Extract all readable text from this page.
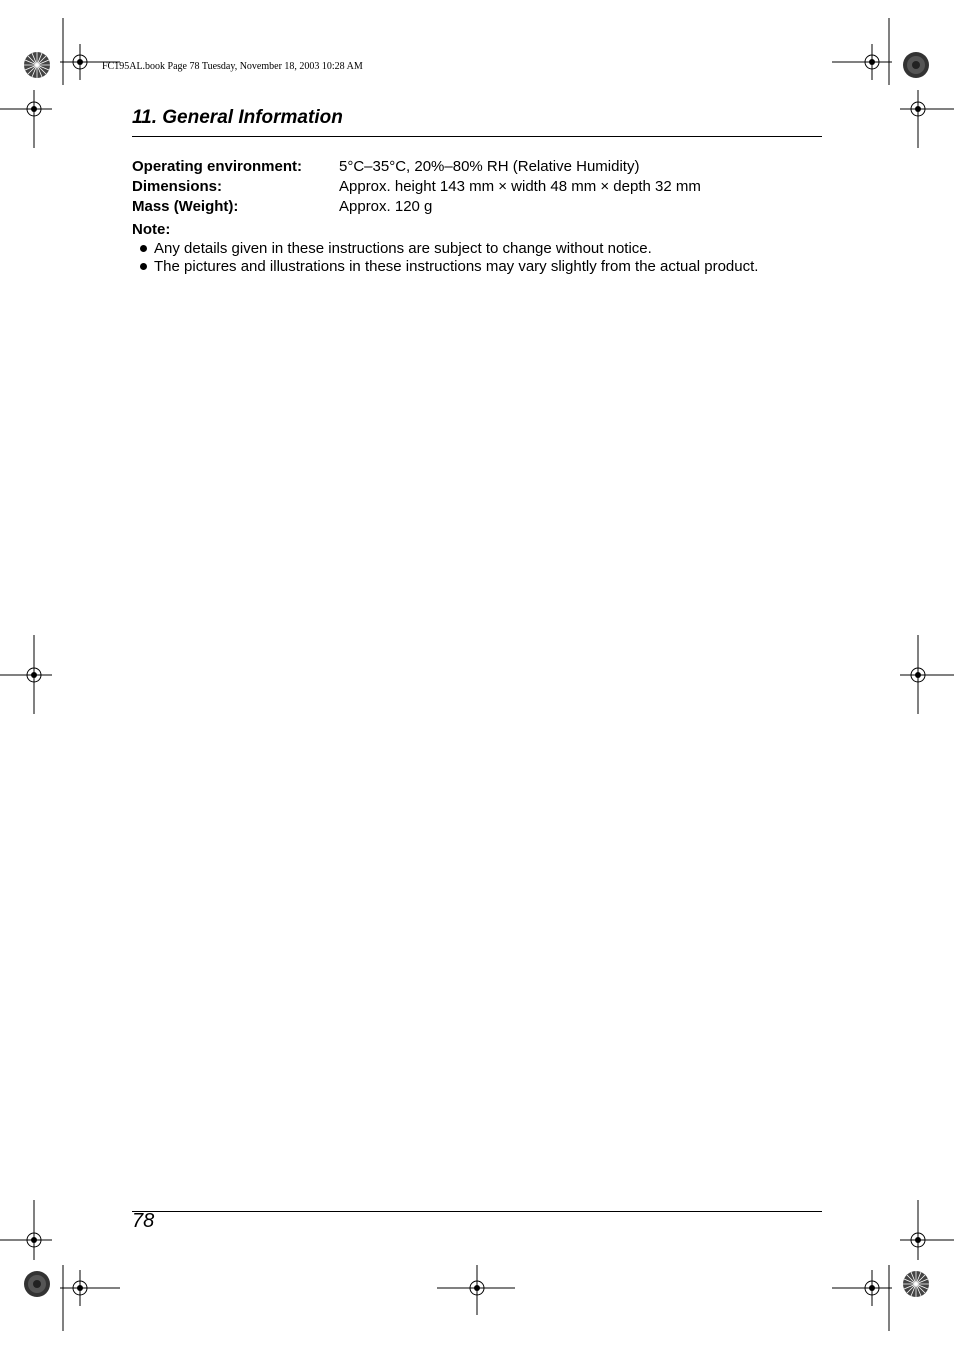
FC195AL.book Page 78 Tuesday, November 18, 2003 10:28 AM
11. General Information
Operating environment: 5°C–35°C, 20%–80% RH (Relative Humidity)
Dimensions:	Approx. height 143 mm × width 48 mm × depth 32 mm
Mass (Weight):	Approx. 120 g
Note:
Any details given in these instructions are subject to change without notice.
The pictures and illustrations in these instructions may vary slightly from the actual product.
78
